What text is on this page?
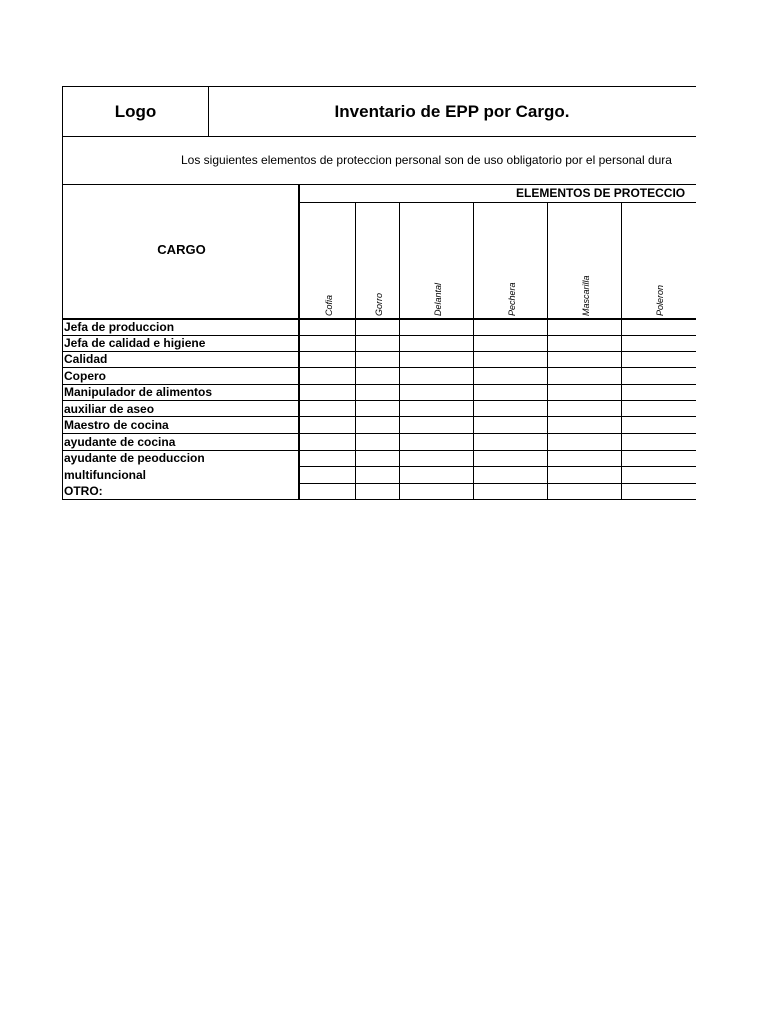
Logo	Inventario de EPP por Cargo.
Los siguientes elementos de proteccion personal son de uso obligatorio por el personal dura
CARGO
ELEMENTOS DE PROTECCIO
Cofia	Gorro	Delantal	Pechera	Mascarilla	Poleron
Jefa de produccion
Jefa de calidad e higiene
Calidad
Copero
Manipulador de alimentos
auxiliar de aseo
Maestro de cocina
ayudante de cocina
ayudante de peoduccion
multifuncional
OTRO:
